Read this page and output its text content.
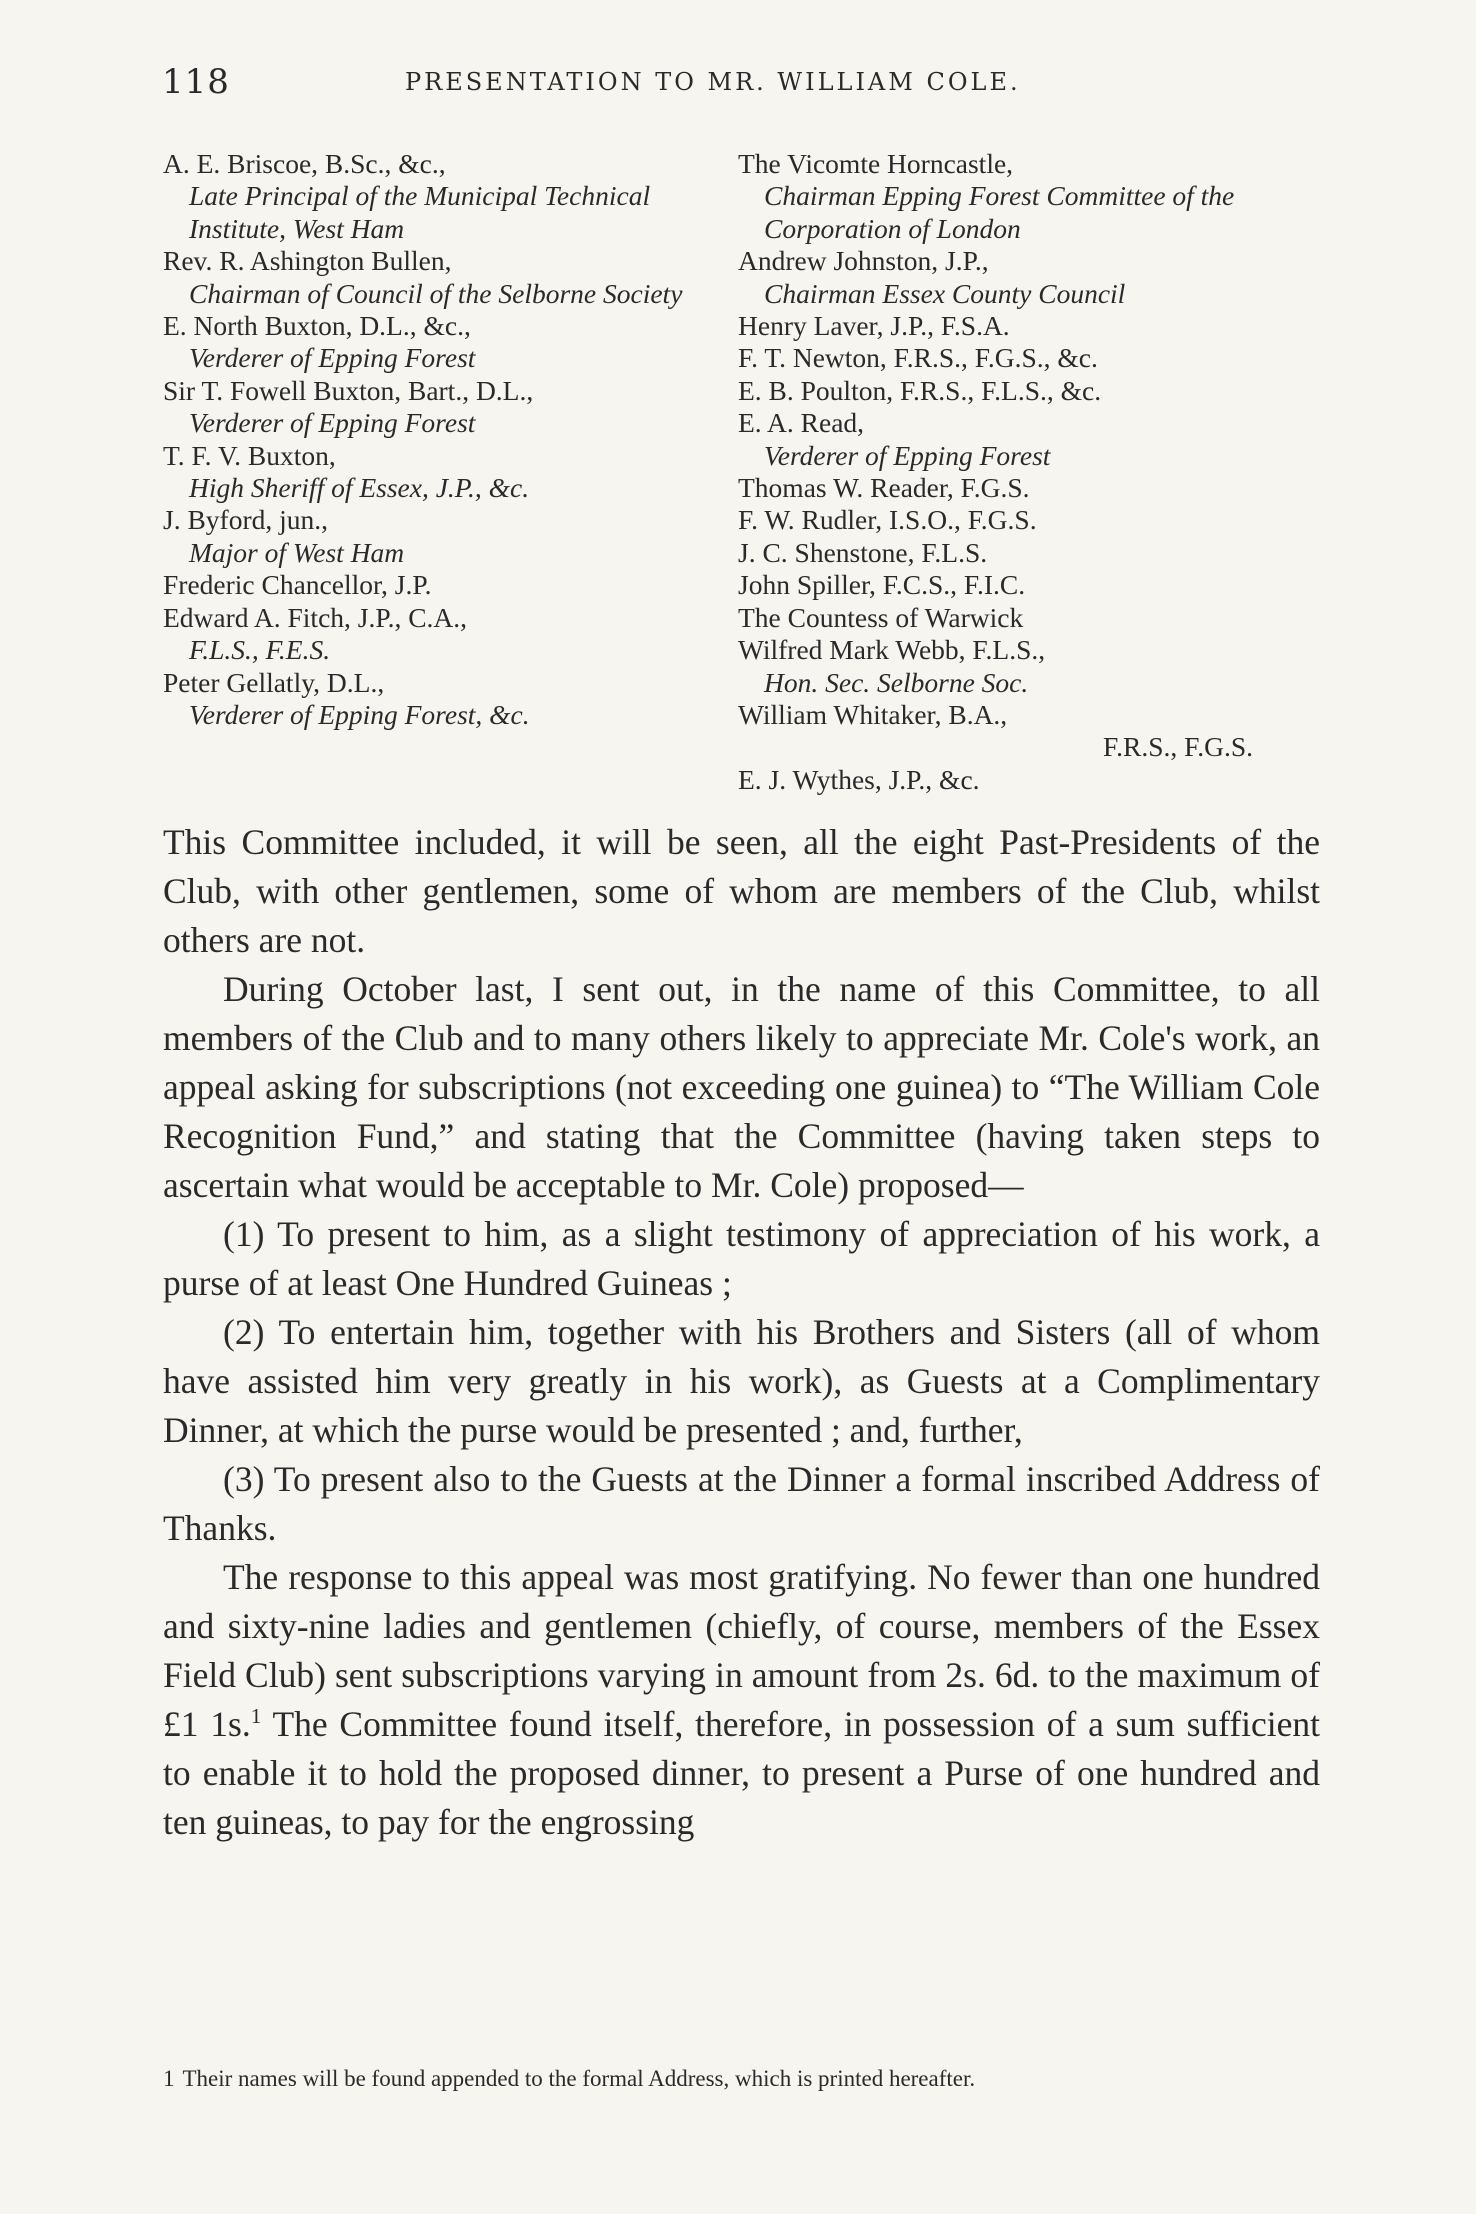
118	PRESENTATION TO MR. WILLIAM COLE.
A. E. Briscoe, B.Sc., &c.,
Late Principal of the Municipal Technical Institute, West Ham
Rev. R. Ashington Bullen,
Chairman of Council of the Selborne Society
E. North Buxton, D.L., &c.,
Verderer of Epping Forest
Sir T. Fowell Buxton, Bart., D.L.,
Verderer of Epping Forest
T. F. V. Buxton,
High Sheriff of Essex, J.P., &c.
J. Byford, jun.,
Major of West Ham
Frederic Chancellor, J.P.
Edward A. Fitch, J.P., C.A.,
F.L.S., F.E.S.
Peter Gellatly, D.L.,
Verderer of Epping Forest, &c.
The Vicomte Horncastle,
Chairman Epping Forest Committee of the Corporation of London
Andrew Johnston, J.P.,
Chairman Essex County Council
Henry Laver, J.P., F.S.A.
F. T. Newton, F.R.S., F.G.S., &c.
E. B. Poulton, F.R.S., F.L.S., &c.
E. A. Read,
Verderer of Epping Forest
Thomas W. Reader, F.G.S.
F. W. Rudler, I.S.O., F.G.S.
J. C. Shenstone, F.L.S.
John Spiller, F.C.S., F.I.C.
The Countess of Warwick
Wilfred Mark Webb, F.L.S.,
Hon. Sec. Selborne Soc.
William Whitaker, B.A.,
F.R.S., F.G.S.
E. J. Wythes, J.P., &c.

This Committee included, it will be seen, all the eight Past-Presidents of the Club, with other gentlemen, some of whom are members of the Club, whilst others are not.

During October last, I sent out, in the name of this Committee, to all members of the Club and to many others likely to appreciate Mr. Cole's work, an appeal asking for subscriptions (not exceeding one guinea) to “The William Cole Recognition Fund,” and stating that the Committee (having taken steps to ascertain what would be acceptable to Mr. Cole) proposed—

(1) To present to him, as a slight testimony of appreciation of his work, a purse of at least One Hundred Guineas ;

(2) To entertain him, together with his Brothers and Sisters (all of whom have assisted him very greatly in his work), as Guests at a Complimentary Dinner, at which the purse would be presented ; and, further,

(3) To present also to the Guests at the Dinner a formal inscribed Address of Thanks.

The response to this appeal was most gratifying. No fewer than one hundred and sixty-nine ladies and gentlemen (chiefly, of course, members of the Essex Field Club) sent subscriptions varying in amount from 2s. 6d. to the maximum of £1 1s.$^1$ The Committee found itself, therefore, in possession of a sum sufficient to enable it to hold the proposed dinner, to present a Purse of one hundred and ten guineas, to pay for the engrossing

1 Their names will be found appended to the formal Address, which is printed hereafter.
